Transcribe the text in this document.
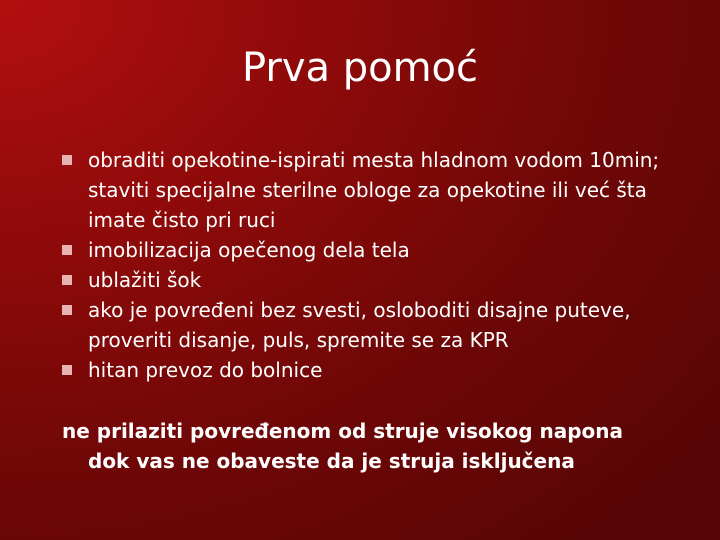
Prva pomoć
obraditi opekotine-ispirati mesta hladnom vodom 10min; staviti specijalne sterilne obloge za opekotine ili već šta imate čisto pri ruci
imobilizacija opečenog dela tela
ublažiti šok
ako je povređeni bez svesti, osloboditi disajne puteve, proveriti disanje, puls, spremite se za KPR
hitan prevoz do bolnice
ne prilaziti povređenom od struje visokog napona dok vas ne obaveste da je struja isključena
